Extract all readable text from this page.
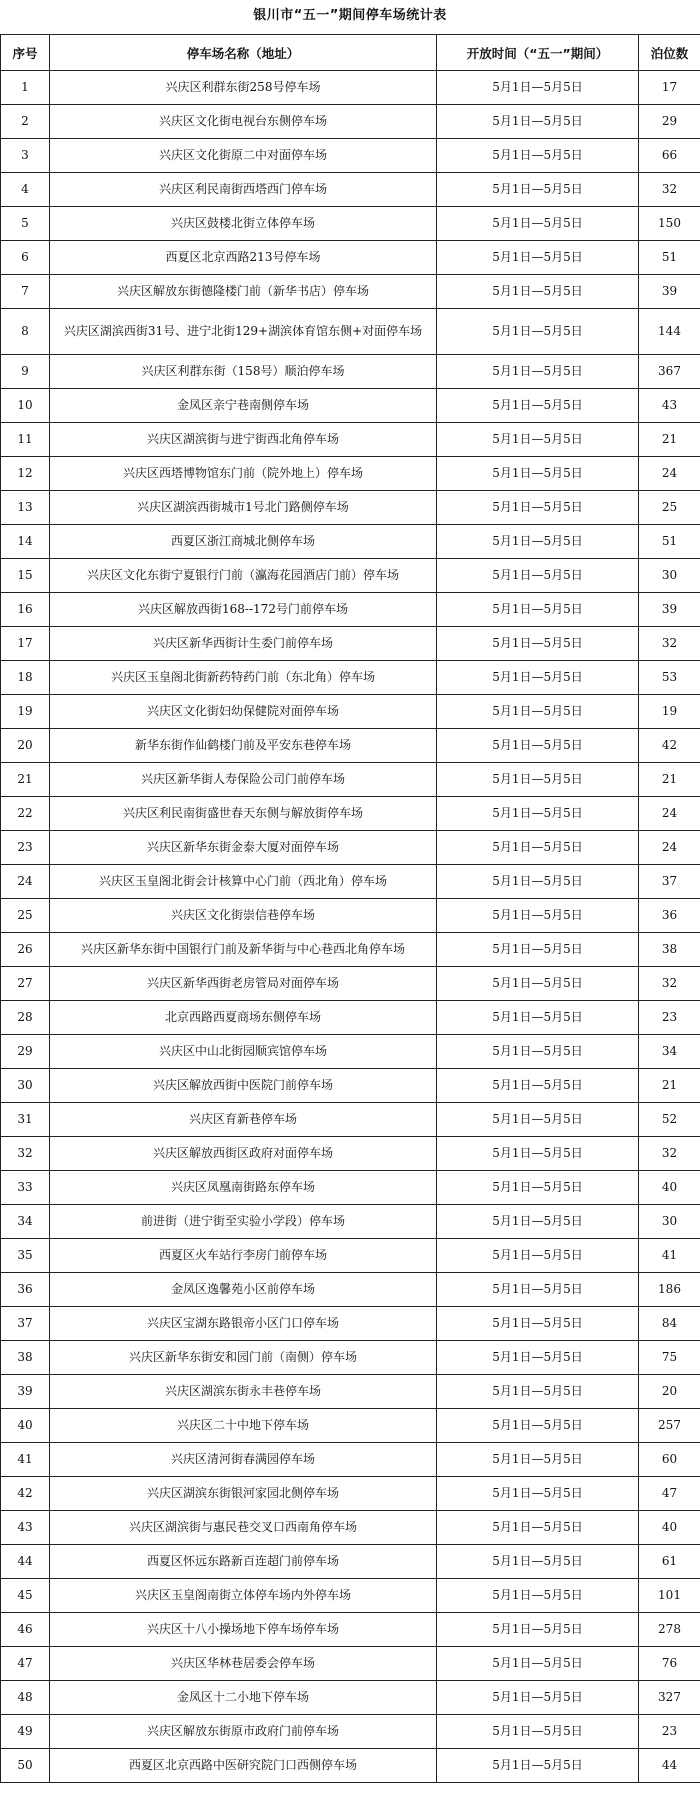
银川市“五一”期间停车场统计表
序号	停车场名称（地址）	开放时间（“五一”期间）	泊位数
1	兴庆区利群东街258号停车场	5月1日—5月5日	17
2	兴庆区文化街电视台东侧停车场	5月1日—5月5日	29
3	兴庆区文化街原二中对面停车场	5月1日—5月5日	66
4	兴庆区利民南街西塔西门停车场	5月1日—5月5日	32
5	兴庆区鼓楼北街立体停车场	5月1日—5月5日	150
6	西夏区北京西路213号停车场	5月1日—5月5日	51
7	兴庆区解放东街德隆楼门前（新华书店）停车场	5月1日—5月5日	39
8	兴庆区湖滨西街31号、进宁北街129+湖滨体育馆东侧+对面停车场	5月1日—5月5日	144
9	兴庆区利群东街（158号）顺泊停车场	5月1日—5月5日	367
10	金凤区亲宁巷南侧停车场	5月1日—5月5日	43
11	兴庆区湖滨街与进宁街西北角停车场	5月1日—5月5日	21
12	兴庆区西塔博物馆东门前（院外地上）停车场	5月1日—5月5日	24
13	兴庆区湖滨西街城市1号北门路侧停车场	5月1日—5月5日	25
14	西夏区浙江商城北侧停车场	5月1日—5月5日	51
15	兴庆区文化东街宁夏银行门前（瀛海花园酒店门前）停车场	5月1日—5月5日	30
16	兴庆区解放西街168--172号门前停车场	5月1日—5月5日	39
17	兴庆区新华西街计生委门前停车场	5月1日—5月5日	32
18	兴庆区玉皇阁北街新药特药门前（东北角）停车场	5月1日—5月5日	53
19	兴庆区文化街妇幼保健院对面停车场	5月1日—5月5日	19
20	新华东街作仙鹤楼门前及平安东巷停车场	5月1日—5月5日	42
21	兴庆区新华街人寿保险公司门前停车场	5月1日—5月5日	21
22	兴庆区利民南街盛世春天东侧与解放街停车场	5月1日—5月5日	24
23	兴庆区新华东街金泰大厦对面停车场	5月1日—5月5日	24
24	兴庆区玉皇阁北街会计核算中心门前（西北角）停车场	5月1日—5月5日	37
25	兴庆区文化街崇信巷停车场	5月1日—5月5日	36
26	兴庆区新华东街中国银行门前及新华街与中心巷西北角停车场	5月1日—5月5日	38
27	兴庆区新华西街老房管局对面停车场	5月1日—5月5日	32
28	北京西路西夏商场东侧停车场	5月1日—5月5日	23
29	兴庆区中山北街园顺宾馆停车场	5月1日—5月5日	34
30	兴庆区解放西街中医院门前停车场	5月1日—5月5日	21
31	兴庆区育新巷停车场	5月1日—5月5日	52
32	兴庆区解放西街区政府对面停车场	5月1日—5月5日	32
33	兴庆区凤凰南街路东停车场	5月1日—5月5日	40
34	前进街（进宁街至实验小学段）停车场	5月1日—5月5日	30
35	西夏区火车站行李房门前停车场	5月1日—5月5日	41
36	金凤区逸馨苑小区前停车场	5月1日—5月5日	186
37	兴庆区宝湖东路银帝小区门口停车场	5月1日—5月5日	84
38	兴庆区新华东街安和园门前（南侧）停车场	5月1日—5月5日	75
39	兴庆区湖滨东街永丰巷停车场	5月1日—5月5日	20
40	兴庆区二十中地下停车场	5月1日—5月5日	257
41	兴庆区清河街春满园停车场	5月1日—5月5日	60
42	兴庆区湖滨东街银河家园北侧停车场	5月1日—5月5日	47
43	兴庆区湖滨街与惠民巷交叉口西南角停车场	5月1日—5月5日	40
44	西夏区怀远东路新百连超门前停车场	5月1日—5月5日	61
45	兴庆区玉皇阁南街立体停车场内外停车场	5月1日—5月5日	101
46	兴庆区十八小操场地下停车场停车场	5月1日—5月5日	278
47	兴庆区华林巷居委会停车场	5月1日—5月5日	76
48	金凤区十二小地下停车场	5月1日—5月5日	327
49	兴庆区解放东街原市政府门前停车场	5月1日—5月5日	23
50	西夏区北京西路中医研究院门口西侧停车场	5月1日—5月5日	44
